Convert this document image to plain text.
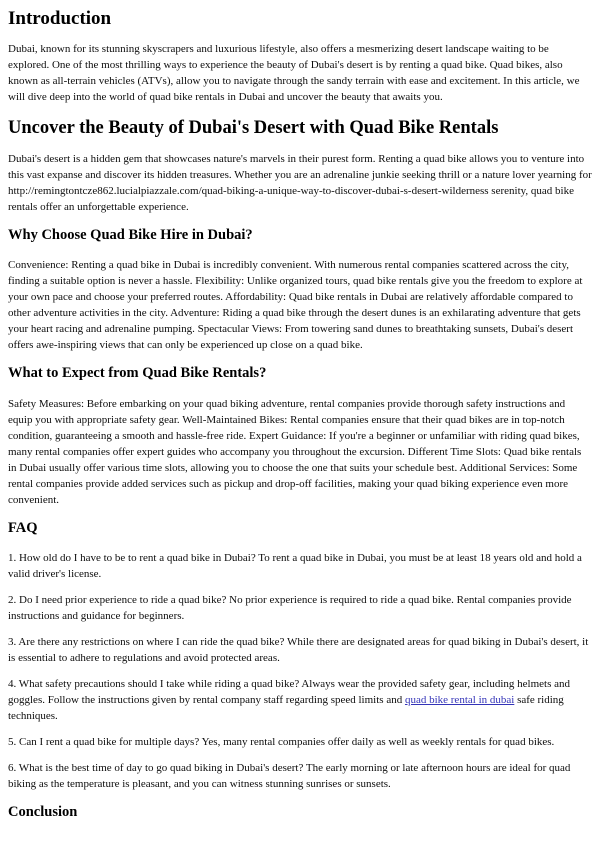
Introduction

Dubai, known for its stunning skyscrapers and luxurious lifestyle, also offers a mesmerizing desert landscape waiting to be explored. One of the most thrilling ways to experience the beauty of Dubai's desert is by renting a quad bike. Quad bikes, also known as all-terrain vehicles (ATVs), allow you to navigate through the sandy terrain with ease and excitement. In this article, we will dive deep into the world of quad bike rentals in Dubai and uncover the beauty that awaits you.

Uncover the Beauty of Dubai's Desert with Quad Bike Rentals

Dubai's desert is a hidden gem that showcases nature's marvels in their purest form. Renting a quad bike allows you to venture into this vast expanse and discover its hidden treasures. Whether you are an adrenaline junkie seeking thrill or a nature lover yearning for http://remingtontcze862.lucialpiazzale.com/quad-biking-a-unique-way-to-discover-dubai-s-desert-wilderness serenity, quad bike rentals offer an unforgettable experience.

Why Choose Quad Bike Hire in Dubai?

Convenience: Renting a quad bike in Dubai is incredibly convenient. With numerous rental companies scattered across the city, finding a suitable option is never a hassle. Flexibility: Unlike organized tours, quad bike rentals give you the freedom to explore at your own pace and choose your preferred routes. Affordability: Quad bike rentals in Dubai are relatively affordable compared to other adventure activities in the city. Adventure: Riding a quad bike through the desert dunes is an exhilarating adventure that gets your heart racing and adrenaline pumping. Spectacular Views: From towering sand dunes to breathtaking sunsets, Dubai's desert offers awe-inspiring views that can only be experienced up close on a quad bike.

What to Expect from Quad Bike Rentals?

Safety Measures: Before embarking on your quad biking adventure, rental companies provide thorough safety instructions and equip you with appropriate safety gear. Well-Maintained Bikes: Rental companies ensure that their quad bikes are in top-notch condition, guaranteeing a smooth and hassle-free ride. Expert Guidance: If you're a beginner or unfamiliar with riding quad bikes, many rental companies offer expert guides who accompany you throughout the excursion. Different Time Slots: Quad bike rentals in Dubai usually offer various time slots, allowing you to choose the one that suits your schedule best. Additional Services: Some rental companies provide added services such as pickup and drop-off facilities, making your quad biking experience even more convenient.

FAQ

1. How old do I have to be to rent a quad bike in Dubai? To rent a quad bike in Dubai, you must be at least 18 years old and hold a valid driver's license.

2. Do I need prior experience to ride a quad bike? No prior experience is required to ride a quad bike. Rental companies provide instructions and guidance for beginners.

3. Are there any restrictions on where I can ride the quad bike? While there are designated areas for quad biking in Dubai's desert, it is essential to adhere to regulations and avoid protected areas.

4. What safety precautions should I take while riding a quad bike? Always wear the provided safety gear, including helmets and goggles. Follow the instructions given by rental company staff regarding speed limits and quad bike rental in dubai safe riding techniques.

5. Can I rent a quad bike for multiple days? Yes, many rental companies offer daily as well as weekly rentals for quad bikes.

6. What is the best time of day to go quad biking in Dubai's desert? The early morning or late afternoon hours are ideal for quad biking as the temperature is pleasant, and you can witness stunning sunrises or sunsets.

Conclusion
